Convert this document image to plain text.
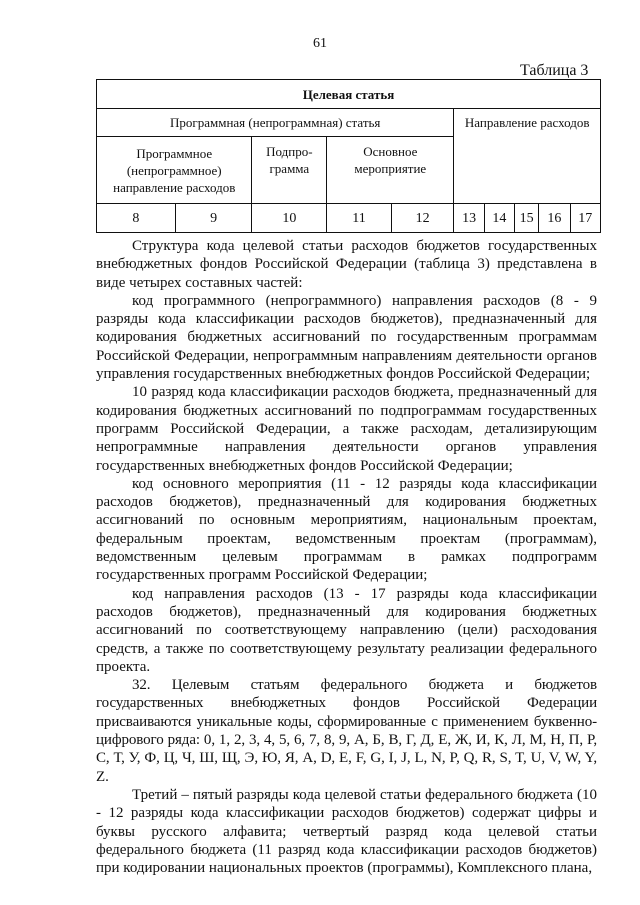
61
Таблица 3
Целевая статья									
Программная (непрограммная) статья					Направление расходов				
Программное (непрограммное) направление расходов		Подпро-грамма	Основное мероприятие						
8	9	10	11	12	13	14	15	16	17

Структура кода целевой статьи расходов бюджетов государственных внебюджетных фондов Российской Федерации (таблица 3) представлена в виде четырех составных частей:

код программного (непрограммного) направления расходов (8 - 9 разряды кода классификации расходов бюджетов), предназначенный для кодирования бюджетных ассигнований по государственным программам Российской Федерации, непрограммным направлениям деятельности органов управления государственных внебюджетных фондов Российской Федерации;

10 разряд кода классификации расходов бюджета, предназначенный для кодирования бюджетных ассигнований по подпрограммам государственных программ Российской Федерации, а также расходам, детализирующим непрограммные направления деятельности органов управления государственных внебюджетных фондов Российской Федерации;

код основного мероприятия (11 - 12 разряды кода классификации расходов бюджетов), предназначенный для кодирования бюджетных ассигнований по основным мероприятиям, национальным проектам, федеральным проектам, ведомственным проектам (программам), ведомственным целевым программам в рамках подпрограмм государственных программ Российской Федерации;

код направления расходов (13 - 17 разряды кода классификации расходов бюджетов), предназначенный для кодирования бюджетных ассигнований по соответствующему направлению (цели) расходования средств, а также по соответствующему результату реализации федерального проекта.

32. Целевым статьям федерального бюджета и бюджетов государственных внебюджетных фондов Российской Федерации присваиваются уникальные коды, сформированные с применением буквенно-цифрового ряда: 0, 1, 2, 3, 4, 5, 6, 7, 8, 9, А, Б, В, Г, Д, Е, Ж, И, К, Л, М, Н, П, Р, С, Т, У, Ф, Ц, Ч, Ш, Щ, Э, Ю, Я, A, D, E, F, G, I, J, L, N, P, Q, R, S, T, U, V, W, Y, Z.

Третий – пятый разряды кода целевой статьи федерального бюджета (10 - 12 разряды кода классификации расходов бюджетов) содержат цифры и буквы русского алфавита; четвертый разряд кода целевой статьи федерального бюджета (11 разряд кода классификации расходов бюджетов) при кодировании национальных проектов (программы), Комплексного плана,
